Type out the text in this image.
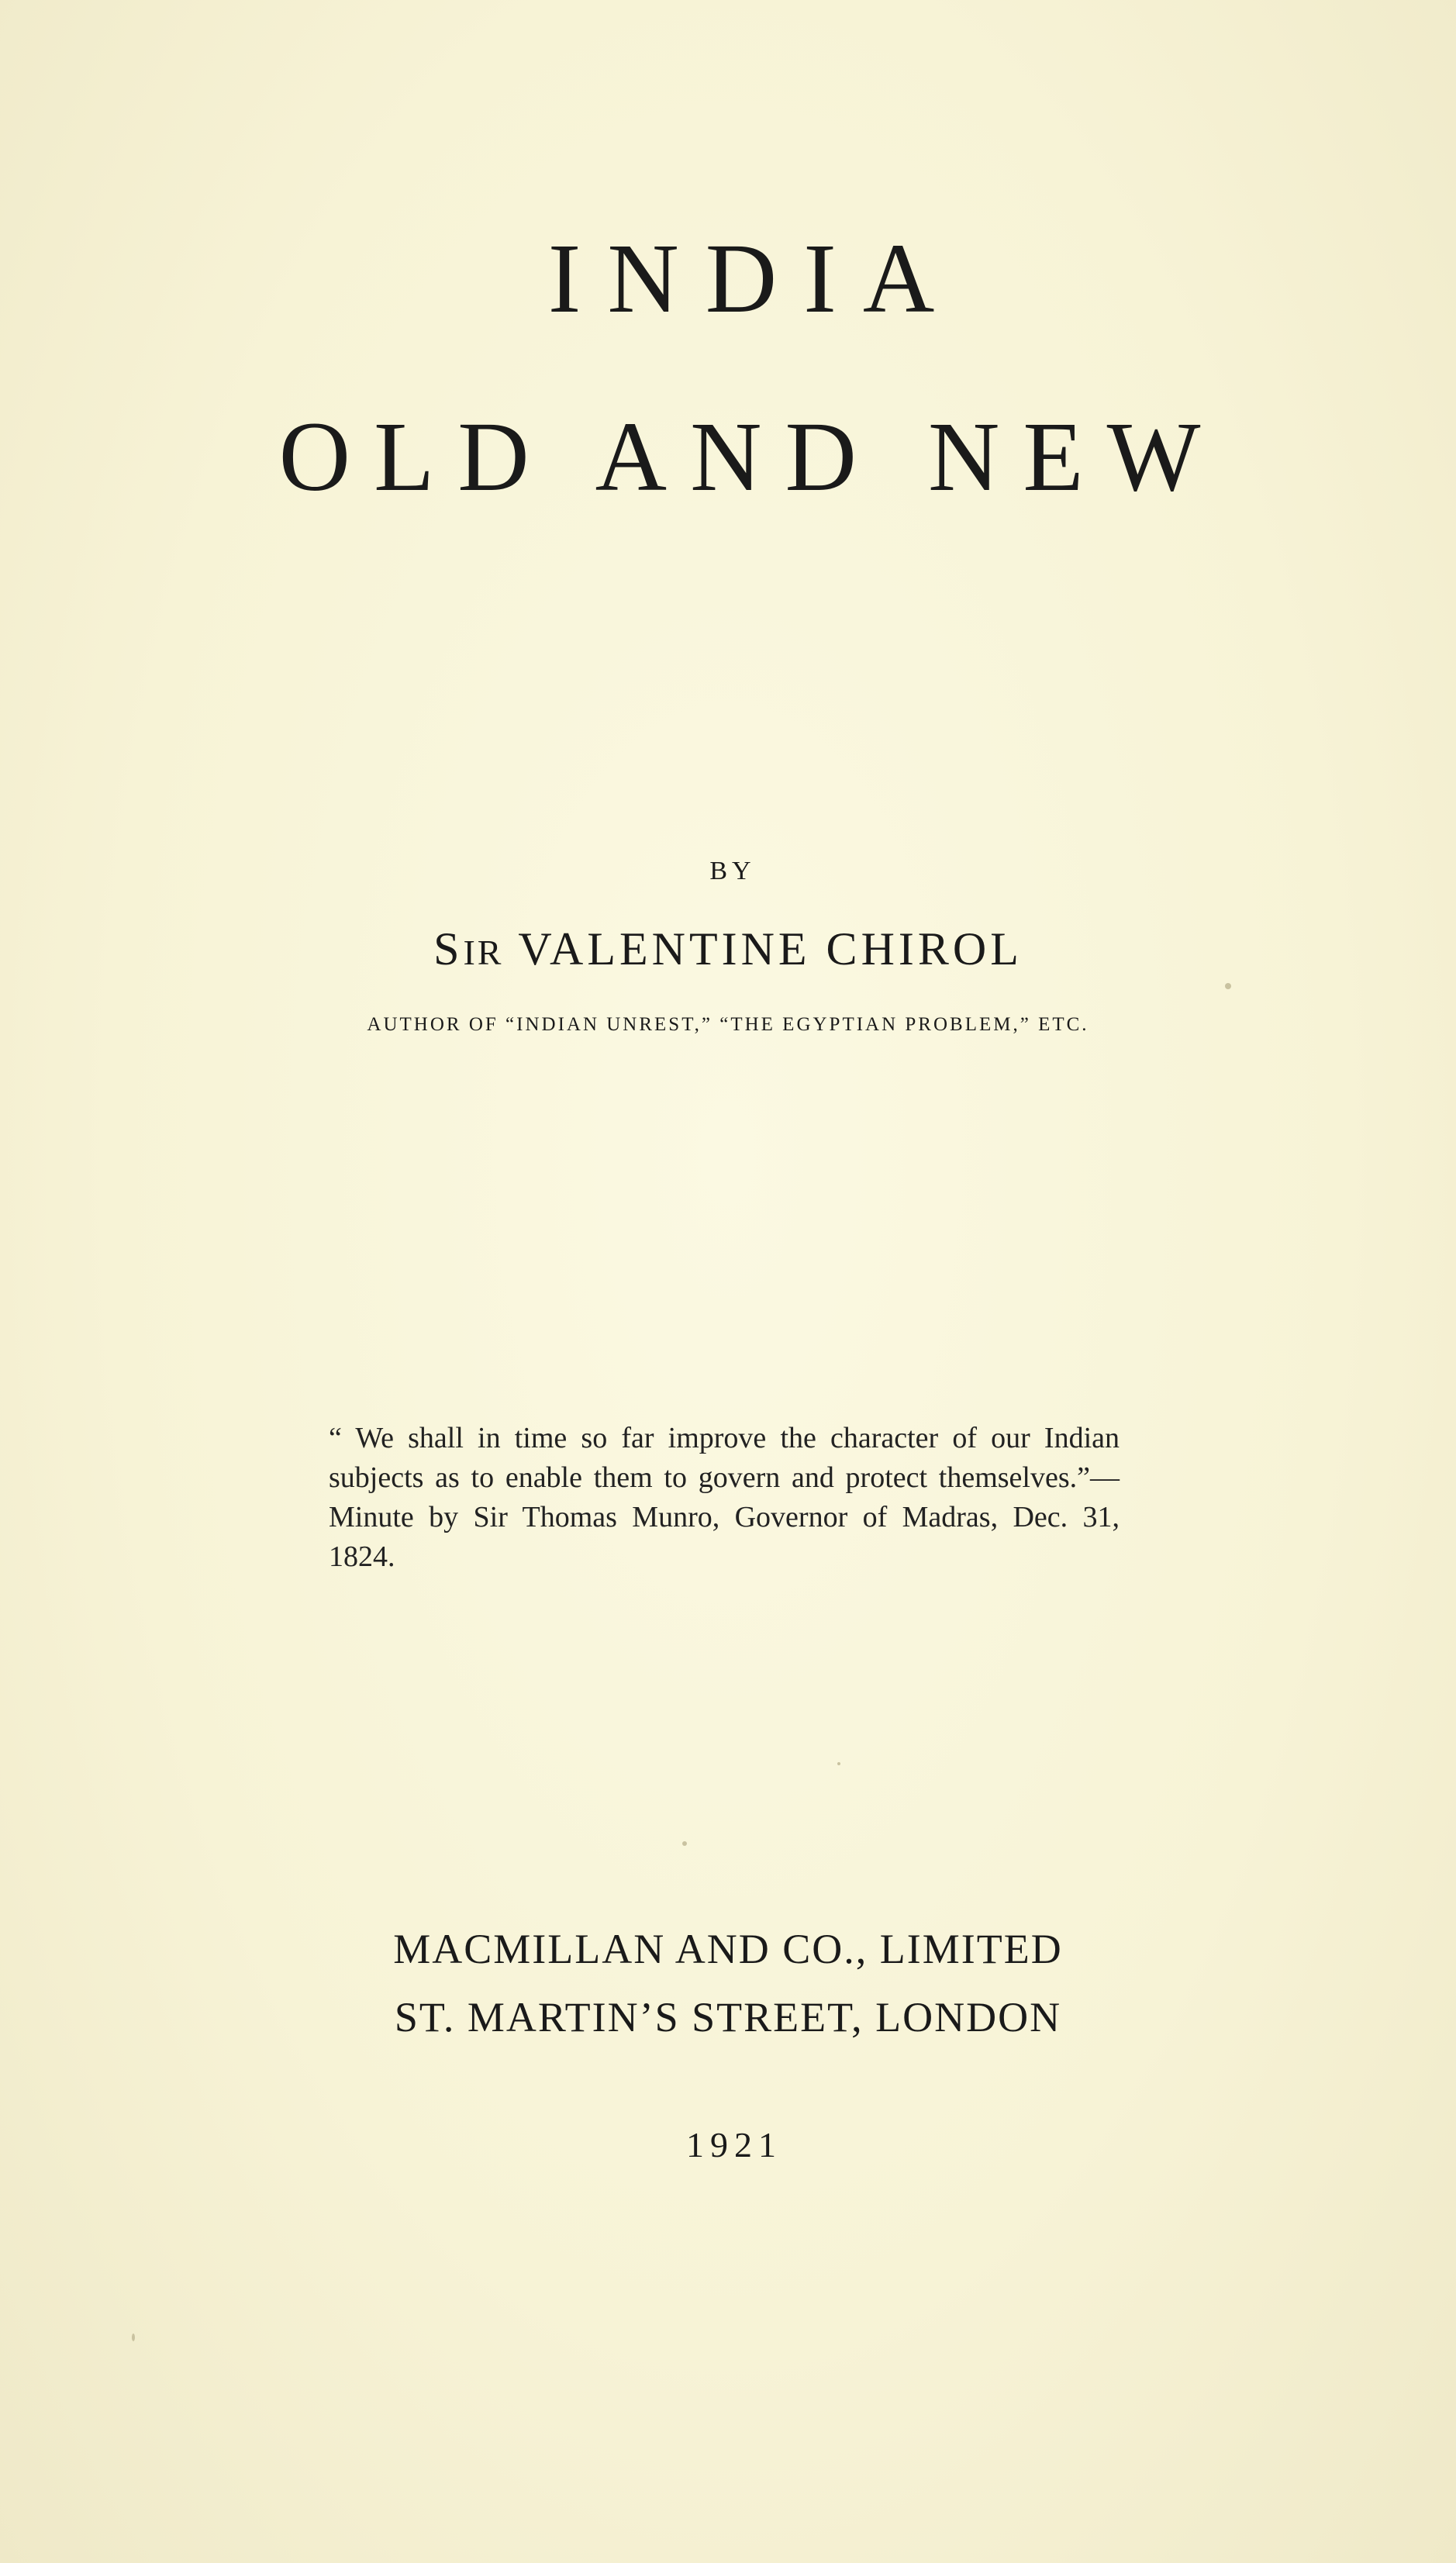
INDIA
OLD AND NEW
BY
SIR VALENTINE CHIROL
AUTHOR OF “INDIAN UNREST,” “THE EGYPTIAN PROBLEM,” ETC.

“ We shall in time so far improve the character of our Indian subjects as to enable them to govern and protect themselves.”—Minute by Sir Thomas Munro, Governor of Madras, Dec. 31, 1824.

MACMILLAN AND CO., LIMITED
ST. MARTIN’S STREET, LONDON
1921
